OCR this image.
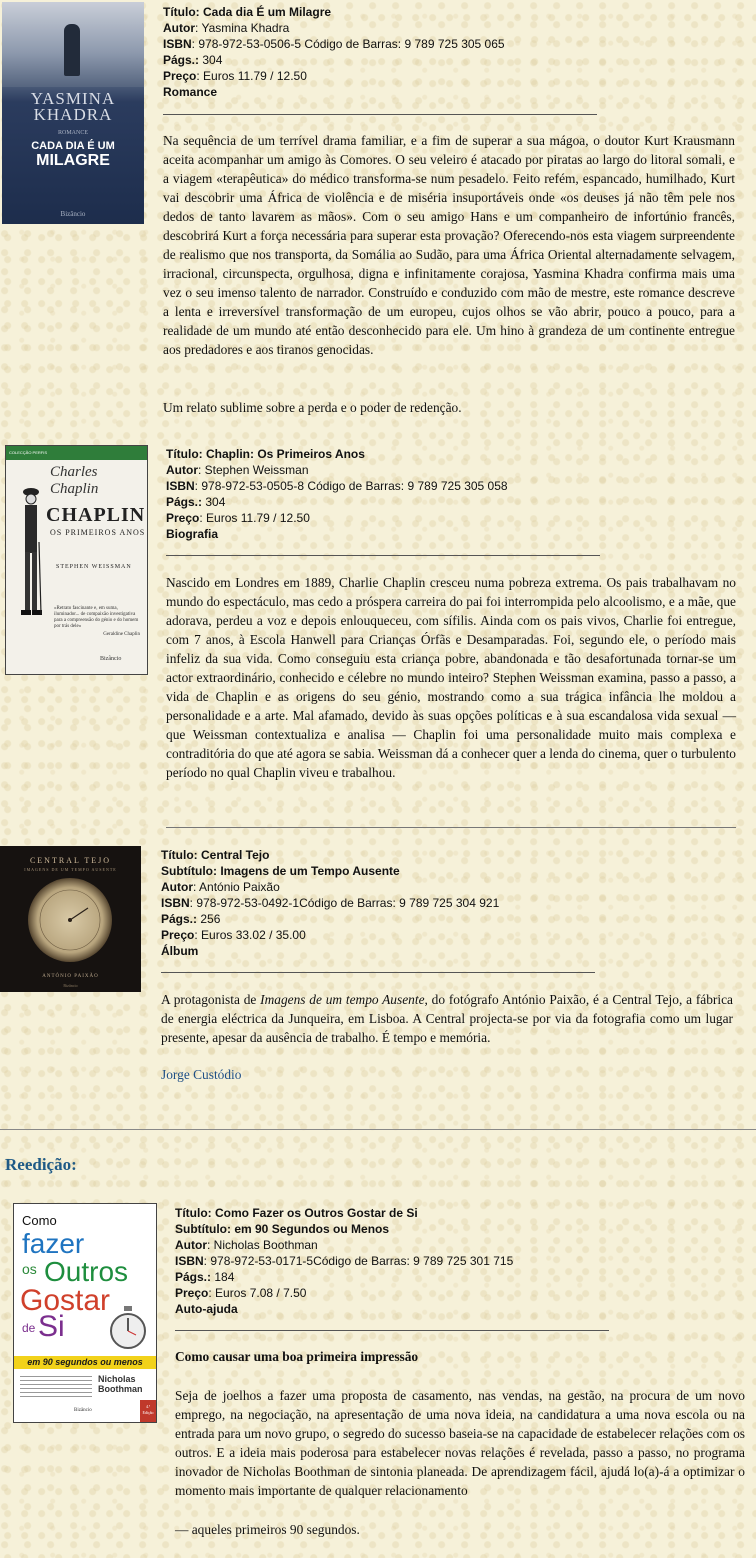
YASMINA
KHADRA
ROMANCE
CADA DIA É UM
MILAGRE
Bizâncio
Título: Cada dia É um Milagre
Autor: Yasmina Khadra
ISBN: 978-972-53-0506-5 Código de Barras: 9 789 725 305 065
Págs.: 304
Preço: Euros 11.79 / 12.50
Romance

Na sequência de um terrível drama familiar, e a fim de superar a sua mágoa, o doutor Kurt Krausmann aceita acompanhar um amigo às Comores. O seu veleiro é atacado por piratas ao largo do litoral somali, e a viagem «terapêutica» do médico transforma-se num pesadelo. Feito refém, espancado, humilhado, Kurt vai descobrir uma África de violência e de miséria insuportáveis onde «os deuses já não têm pele nos dedos de tanto lavarem as mãos». Com o seu amigo Hans e um companheiro de infortúnio francês, descobrirá Kurt a força necessária para superar esta provação? Oferecendo-nos esta viagem surpreendente de realismo que nos transporta, da Somália ao Sudão, para uma África Oriental alternadamente selvagem, irracional, circunspecta, orgulhosa, digna e infinitamente corajosa, Yasmina Khadra confirma mais uma vez o seu imenso talento de narrador. Construído e conduzido com mão de mestre, este romance descreve a lenta e irreversível transformação de um europeu, cujos olhos se vão abrir, pouco a pouco, para a realidade de um mundo até então desconhecido para ele. Um hino à grandeza de um continente entregue aos predadores e aos tiranos genocidas.

Um relato sublime sobre a perda e o poder de redenção.

COLECÇÃO PERFIS
Charles Chaplin
CHAPLIN
OS PRIMEIROS ANOS
STEPHEN WEISSMAN
«Retrato fascinante e, em suma, iluminador... de compaixão investigativa para a compreensão do génio e do homem por trás dele»
Geraldine Chaplin
Bizâncio
Título: Chaplin: Os Primeiros Anos
Autor: Stephen Weissman
ISBN: 978-972-53-0505-8 Código de Barras: 9 789 725 305 058
Págs.: 304
Preço: Euros 11.79 / 12.50
Biografia

Nascido em Londres em 1889, Charlie Chaplin cresceu numa pobreza extrema. Os pais trabalhavam no mundo do espectáculo, mas cedo a próspera carreira do pai foi interrompida pelo alcoolismo, e a mãe, que adorava, perdeu a voz e depois enlouqueceu, com sífilis. Ainda com os pais vivos, Charlie foi entregue, com 7 anos, à Escola Hanwell para Crianças Órfãs e Desamparadas. Foi, segundo ele, o período mais infeliz da sua vida. Como conseguiu esta criança pobre, abandonada e tão desafortunada tornar-se um actor extraordinário, conhecido e célebre no mundo inteiro? Stephen Weissman examina, passo a passo, a vida de Chaplin e as origens do seu génio, mostrando como a sua trágica infância lhe moldou a personalidade e a arte. Mal afamado, devido às suas opções políticas e à sua escandalosa vida sexual — que Weissman contextualiza e analisa — Chaplin foi uma personalidade muito mais complexa e contraditória do que até agora se sabia. Weissman dá a conhecer quer a lenda do cinema, quer o turbulento período no qual Chaplin viveu e trabalhou.

CENTRAL TEJO
IMAGENS DE UM TEMPO AUSENTE
ANTÓNIO PAIXÃO
Bizâncio
Título: Central Tejo
Subtítulo: Imagens de um Tempo Ausente
Autor: António Paixão
ISBN: 978-972-53-0492-1Código de Barras: 9 789 725 304 921
Págs.: 256
Preço: Euros 33.02 / 35.00
Álbum

A protagonista de Imagens de um tempo Ausente, do fotógrafo António Paixão, é a Central Tejo, a fábrica de energia eléctrica da Junqueira, em Lisboa. A Central projecta-se por via da fotografia como um lugar presente, apesar da ausência de trabalho. É tempo e memória.

Jorge Custódio
Reedição:
Como
fazer
os Outros
Gostar
de Si
em 90 segundos ou menos
Nicholas
Boothman
Bizâncio
4.ª Edição
Título: Como Fazer os Outros Gostar de Si
Subtítulo: em 90 Segundos ou Menos
Autor: Nicholas Boothman
ISBN: 978-972-53-0171-5Código de Barras: 9 789 725 301 715
Págs.: 184
Preço: Euros 7.08 / 7.50
Auto-ajuda
Como causar uma boa primeira impressão

Seja de joelhos a fazer uma proposta de casamento, nas vendas, na gestão, na procura de um novo emprego, na negociação, na apresentação de uma nova ideia, na candidatura a uma nova escola ou na entrada para um novo grupo, o segredo do sucesso baseia-se na capacidade de estabelecer relações com os outros. E a ideia mais poderosa para estabelecer novas relações é revelada, passo a passo, no programa inovador de Nicholas Boothman de sintonia planeada. De aprendizagem fácil, ajudá lo(a)-á a optimizar o momento mais importante de qualquer relacionamento

— aqueles primeiros 90 segundos.
